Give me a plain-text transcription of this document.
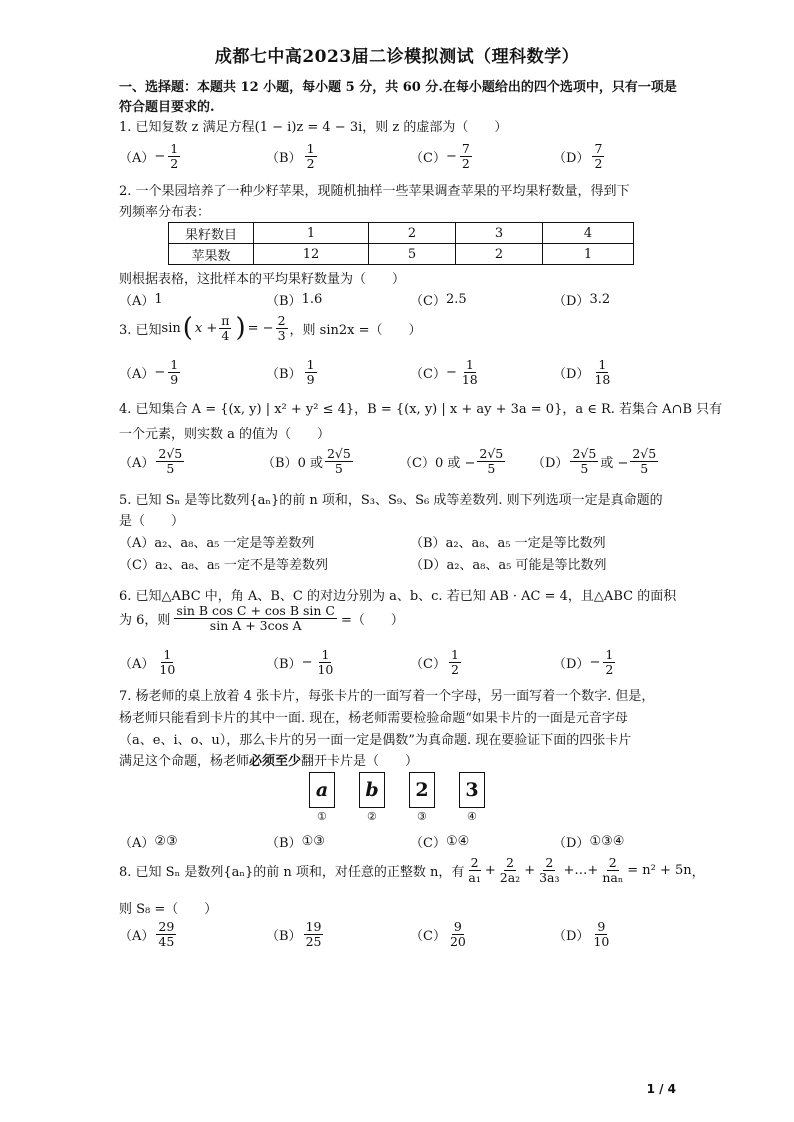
成都七中高2023届二诊模拟测试（理科数学）
一、选择题：本题共 12 小题，每小题 5 分，共 60 分.在每小题给出的四个选项中，只有一项是
符合题目要求的.
1. 已知复数 z 满足方程(1 − i)z = 4 − 3i，则 z 的虚部为（　　）
$(A) - \frac{1}{2}$	$(B) \frac{1}{2}$	$(C) - \frac{7}{2}$	$(D) \frac{7}{2}$
2. 一个果园培养了一种少籽苹果，现随机抽样一些苹果调查苹果的平均果籽数量，得到下
列频率分布表：
果籽数目	1	2	3	4
苹果数	12	5	2	1
则根据表格，这批样本的平均果籽数量为（　　）
（A） 1	（B） 1.6	（C） 2.5	（D） 3.2
3. 已知 sin ( $x + \frac{\pi}{4}$ ) = − $\frac{2}{3}$ ，则 sin2x =（　　）
$(A) - \frac{1}{9}$	$(B) \frac{1}{9}$	$(C) - \frac{1}{18}$	$(D) \frac{1}{18}$
4. 已知集合 A = {(x, y) | x² + y² ≤ 4}，B = {(x, y) | x + ay + 3a = 0}，a ∈ R. 若集合 A∩B 只有
一个元素，则实数 a 的值为（　　）
$(A) \frac{2√5}{5}$	（B） 0 或 $\frac{2√5}{5}$	（C） 0 或 − $\frac{2√5}{5} (D) \frac{2√5}{5}$ 或 − $\frac{2√5}{5}$
5. 已知 Sₙ 是等比数列{aₙ}的前 n 项和，S₃、S₉、S₆ 成等差数列. 则下列选项一定是真命题的
是（　　）
（A） a₂、a₈、a₅ 一定是等差数列	（B） a₂、a₈、a₅ 一定是等比数列
（C） a₂、a₈、a₅ 一定不是等差数列	（D） a₂、a₈、a₅ 可能是等比数列
6. 已知△ABC 中，角 A、B、C 的对边分别为 a、b、c. 若已知 AB · AC = 4，且△ABC 的面积
为 6，则 $\frac{\text{sin B cos C + cos B sin C}}{\text{sin A + 3cos A}}$ =（　　）
$(A) \frac{1}{10}$	$(B) - \frac{1}{10}$	$(C) \frac{1}{2}$	$(D) - \frac{1}{2}$
7. 杨老师的桌上放着 4 张卡片，每张卡片的一面写着一个字母，另一面写着一个数字. 但是，
杨老师只能看到卡片的其中一面. 现在，杨老师需要检验命题“如果卡片的一面是元音字母
（a、e、i、o、u），那么卡片的另一面一定是偶数”为真命题. 现在要验证下面的四张卡片
满足这个命题，杨老师必须至少翻开卡片是（　　）
a b 2 3
①	②	③	④
（A） ②③	（B） ①③	（C） ①④	（D） ①③④
8. 已知 Sₙ 是数列{aₙ}的前 n 项和，对任意的正整数 n，有 $\frac{2}{\text{a₁}} + \frac{2}{\text{2a₂}} + \frac{2}{\text{3a₃}}$ +…+ $\frac{2}{\text{naₙ}} = n^2 + 5n$ ，
则 S₈ =（　　）
$(A) \frac{29}{45}$	$(B) \frac{19}{25}$	$(C) \frac{9}{20}$	$(D) \frac{9}{10}$
1 / 4
